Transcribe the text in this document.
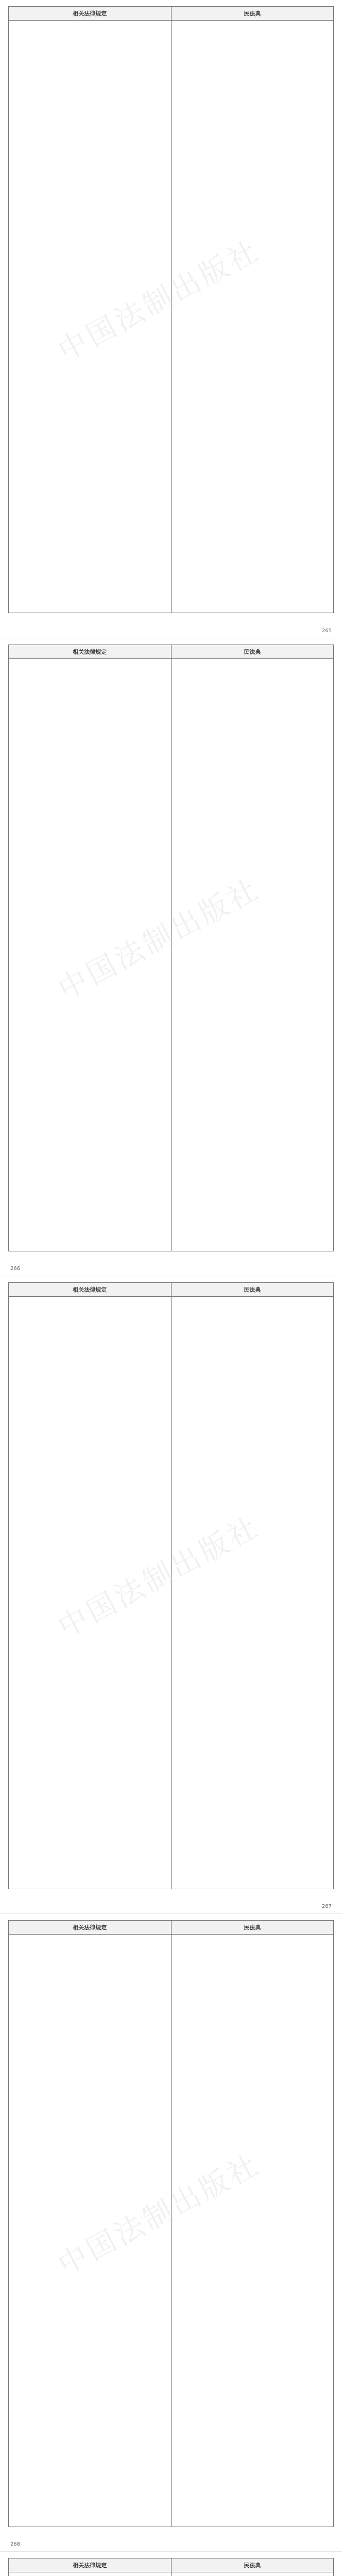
相关法律规定	民法典

中国法制出版社
265
相关法律规定	民法典

中国法制出版社
266
相关法律规定	民法典

中国法制出版社
267
相关法律规定	民法典

中国法制出版社
268
相关法律规定	民法典
